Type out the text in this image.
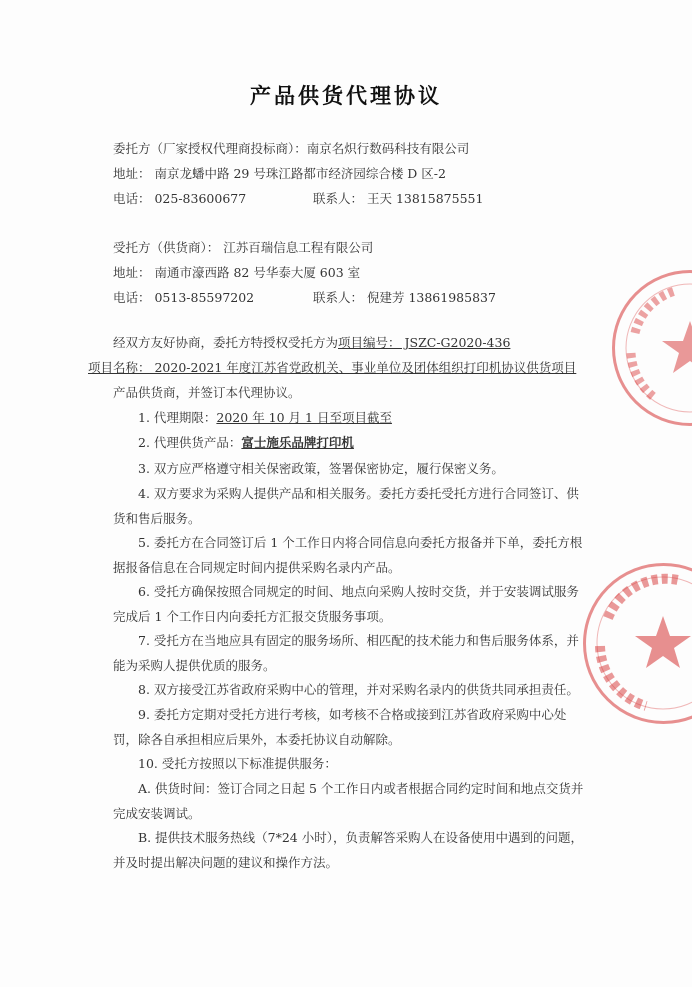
产品供货代理协议
委托方（厂家授权代理商投标商）：南京名炽行数码科技有限公司
地址： 南京龙蟠中路 29 号珠江路都市经济园综合楼 D 区-2
电话： 025-83600677	联系人： 王天 13815875551
受托方（供货商）： 江苏百瑞信息工程有限公司
地址： 南通市濠西路 82 号华泰大厦 603 室
电话： 0513-85597202	联系人： 倪建芳 13861985837
经双方友好协商，委托方特授权受托方为项目编号： JSZC-G2020-436
项目名称： 2020-2021 年度江苏省党政机关、事业单位及团体组织打印机协议供货项目产品供货商，并签订本代理协议。
1. 代理期限：2020 年 10 月 1 日至项目截至
2. 代理供货产品：富士施乐品牌打印机
3. 双方应严格遵守相关保密政策，签署保密协定，履行保密义务。
4. 双方要求为采购人提供产品和相关服务。委托方委托受托方进行合同签订、供货和售后服务。
5. 委托方在合同签订后 1 个工作日内将合同信息向委托方报备并下单，委托方根据报备信息在合同规定时间内提供采购名录内产品。
6. 受托方确保按照合同规定的时间、地点向采购人按时交货，并于安装调试服务完成后 1 个工作日内向委托方汇报交货服务事项。
7. 受托方在当地应具有固定的服务场所、相匹配的技术能力和售后服务体系，并能为采购人提供优质的服务。
8. 双方接受江苏省政府采购中心的管理，并对采购名录内的供货共同承担责任。
9. 委托方定期对受托方进行考核，如考核不合格或接到江苏省政府采购中心处罚，除各自承担相应后果外，本委托协议自动解除。
10. 受托方按照以下标准提供服务：
A. 供货时间：签订合同之日起 5 个工作日内或者根据合同约定时间和地点交货并完成安装调试。
B. 提供技术服务热线（7*24 小时），负责解答采购人在设备使用中遇到的问题，并及时提出解决问题的建议和操作方法。
